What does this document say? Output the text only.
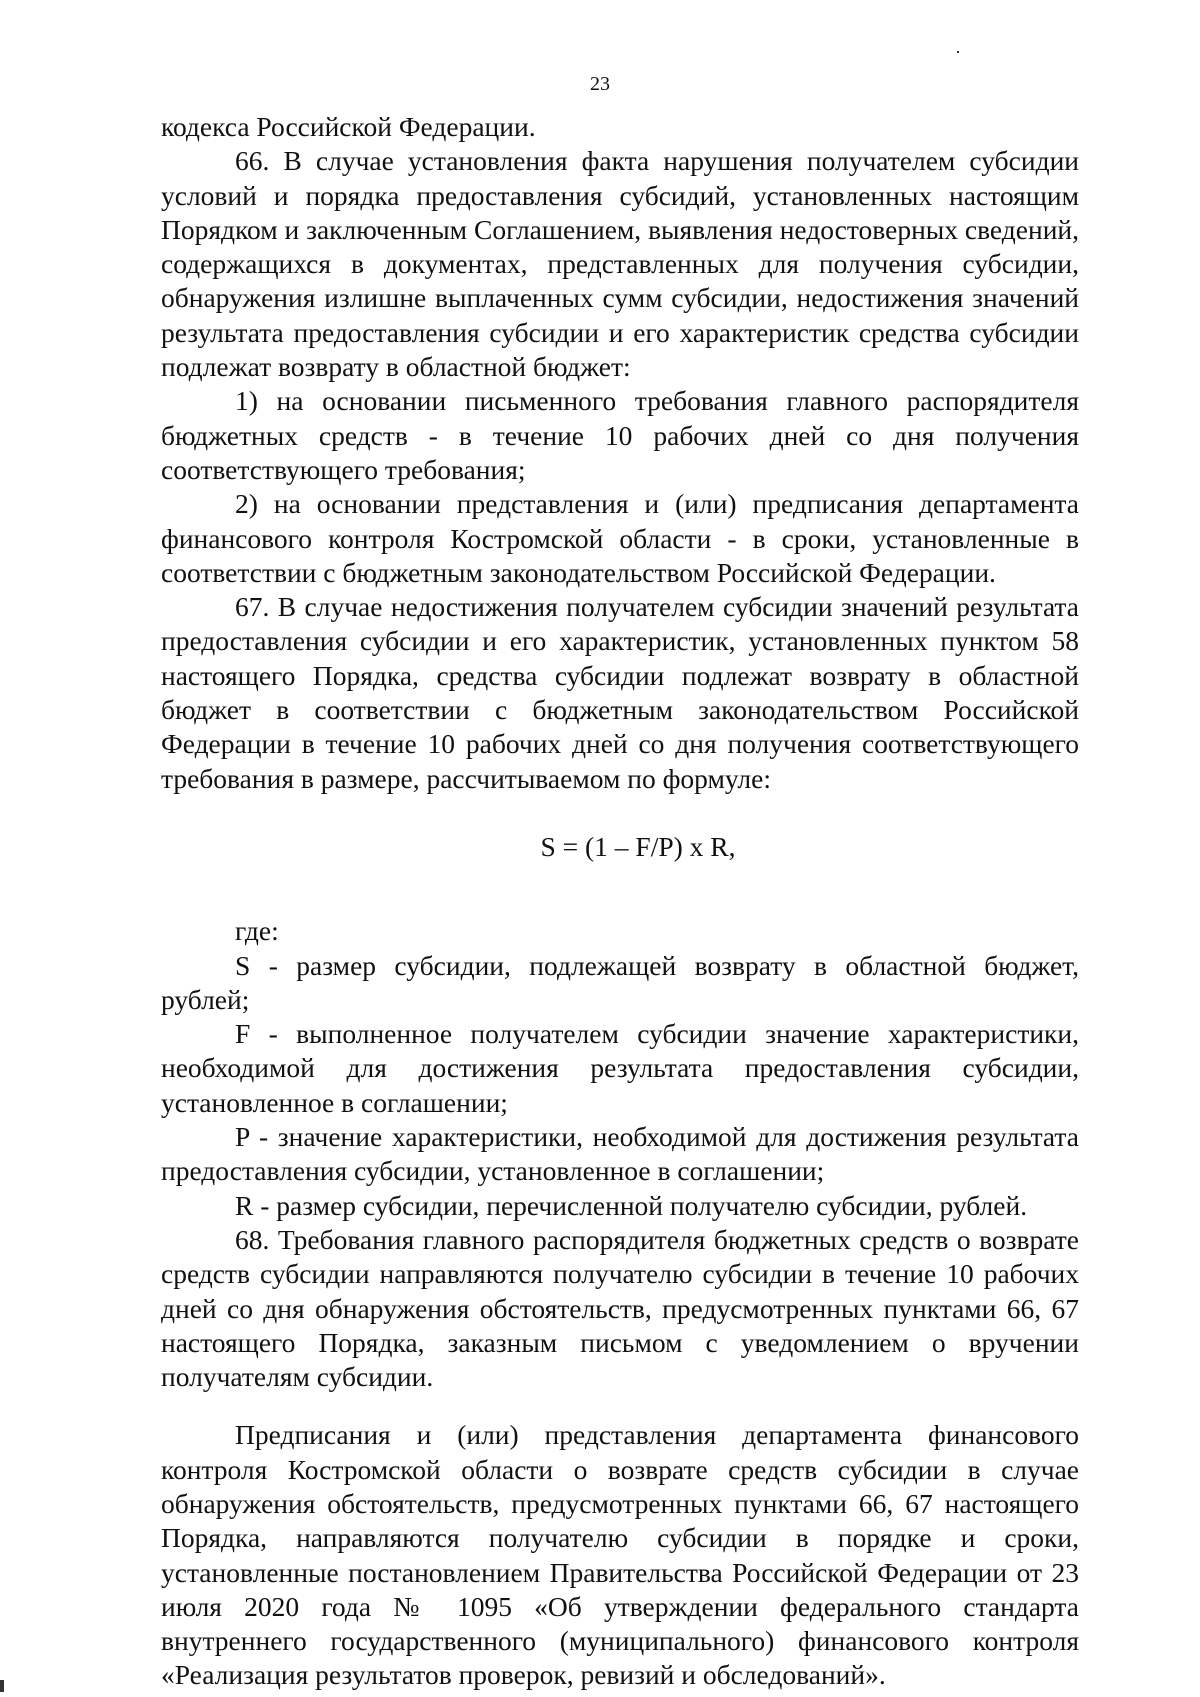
23

кодекса Российской Федерации.

66. В случае установления факта нарушения получателем субсидии условий и порядка предоставления субсидий, установленных настоящим Порядком и заключенным Соглашением, выявления недостоверных сведений, содержащихся в документах, представленных для получения субсидии, обнаружения излишне выплаченных сумм субсидии, недостижения значений результата предоставления субсидии и его характеристик средства субсидии подлежат возврату в областной бюджет:

1) на основании письменного требования главного распорядителя бюджетных средств - в течение 10 рабочих дней со дня получения соответствующего требования;

2) на основании представления и (или) предписания департамента финансового контроля Костромской области - в сроки, установленные в соответствии с бюджетным законодательством Российской Федерации.

67. В случае недостижения получателем субсидии значений результата предоставления субсидии и его характеристик, установленных пунктом 58 настоящего Порядка, средства субсидии подлежат возврату в областной бюджет в соответствии с бюджетным законодательством Российской Федерации в течение 10 рабочих дней со дня получения соответствующего требования в размере, рассчитываемом по формуле:

S = (1 – F/P) x R,

где:

S - размер субсидии, подлежащей возврату в областной бюджет, рублей;

F - выполненное получателем субсидии значение характеристики, необходимой для достижения результата предоставления субсидии, установленное в соглашении;

P - значение характеристики, необходимой для достижения результата предоставления субсидии, установленное в соглашении;

R - размер субсидии, перечисленной получателю субсидии, рублей.

68. Требования главного распорядителя бюджетных средств о возврате средств субсидии направляются получателю субсидии в течение 10 рабочих дней со дня обнаружения обстоятельств, предусмотренных пунктами 66, 67 настоящего Порядка, заказным письмом с уведомлением о вручении получателям субсидии.

Предписания и (или) представления департамента финансового контроля Костромской области о возврате средств субсидии в случае обнаружения обстоятельств, предусмотренных пунктами 66, 67 настоящего Порядка, направляются получателю субсидии в порядке и сроки, установленные постановлением Правительства Российской Федерации от 23 июля 2020 года № 1095 «Об утверждении федерального стандарта внутреннего государственного (муниципального) финансового контроля «Реализация результатов проверок, ревизий и обследований».
